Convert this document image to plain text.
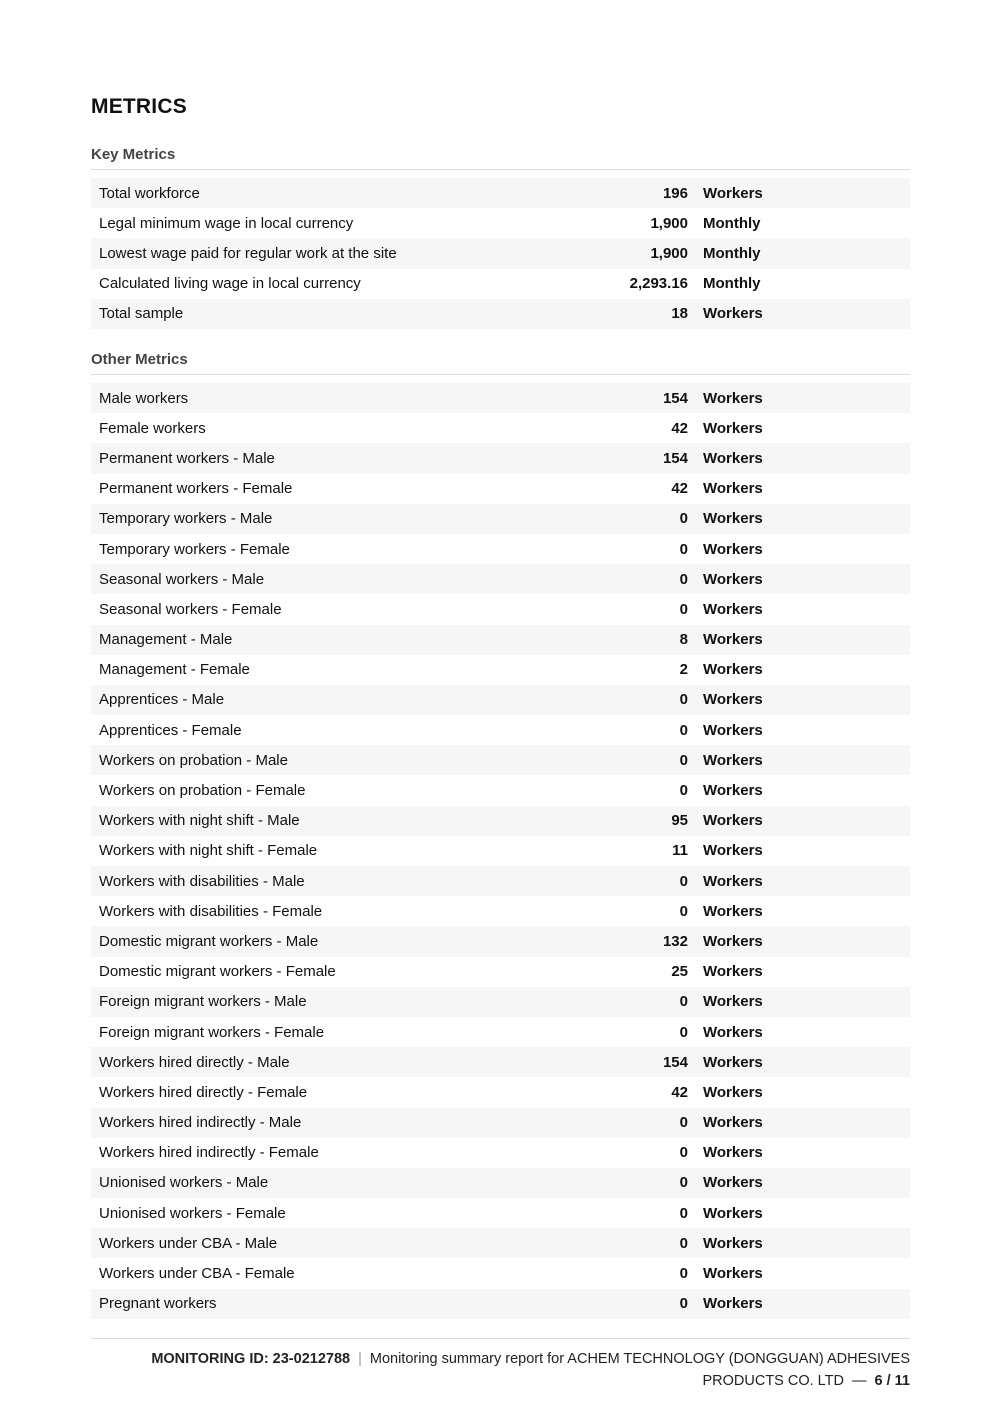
METRICS
Key Metrics
Total workforce	196	Workers
Legal minimum wage in local currency	1,900	Monthly
Lowest wage paid for regular work at the site	1,900	Monthly
Calculated living wage in local currency	2,293.16	Monthly
Total sample	18	Workers
Other Metrics
Male workers	154	Workers
Female workers	42	Workers
Permanent workers - Male	154	Workers
Permanent workers - Female	42	Workers
Temporary workers - Male	0	Workers
Temporary workers - Female	0	Workers
Seasonal workers - Male	0	Workers
Seasonal workers - Female	0	Workers
Management - Male	8	Workers
Management - Female	2	Workers
Apprentices - Male	0	Workers
Apprentices - Female	0	Workers
Workers on probation - Male	0	Workers
Workers on probation - Female	0	Workers
Workers with night shift - Male	95	Workers
Workers with night shift - Female	11	Workers
Workers with disabilities - Male	0	Workers
Workers with disabilities - Female	0	Workers
Domestic migrant workers - Male	132	Workers
Domestic migrant workers - Female	25	Workers
Foreign migrant workers - Male	0	Workers
Foreign migrant workers - Female	0	Workers
Workers hired directly - Male	154	Workers
Workers hired directly - Female	42	Workers
Workers hired indirectly - Male	0	Workers
Workers hired indirectly - Female	0	Workers
Unionised workers - Male	0	Workers
Unionised workers - Female	0	Workers
Workers under CBA - Male	0	Workers
Workers under CBA - Female	0	Workers
Pregnant workers	0	Workers
MONITORING ID: 23-0212788 | Monitoring summary report for ACHEM TECHNOLOGY (DONGGUAN) ADHESIVES
PRODUCTS CO. LTD — 6 / 11
